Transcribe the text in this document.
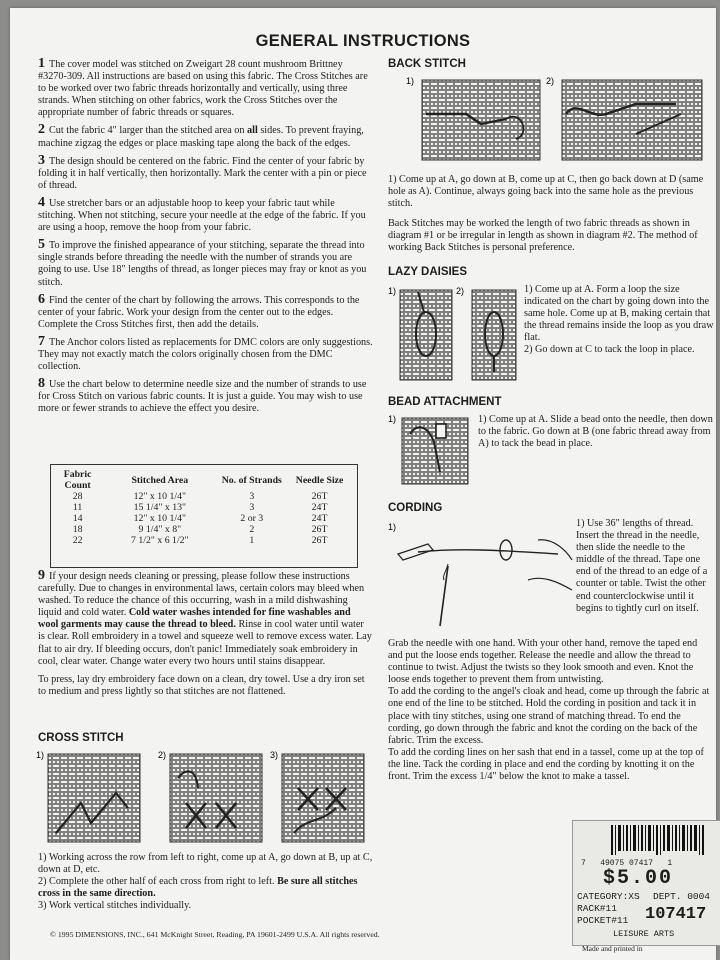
GENERAL INSTRUCTIONS

1 The cover model was stitched on Zweigart 28 count mushroom Brittney #3270-309. All instructions are based on using this fabric. The Cross Stitches are to be worked over two fabric threads horizontally and vertically, using three strands. When stitching on other fabrics, work the Cross Stitches over the appropriate number of fabric threads or squares.

2 Cut the fabric 4" larger than the stitched area on all sides. To prevent fraying, machine zigzag the edges or place masking tape along the back of the edges.

3 The design should be centered on the fabric. Find the center of your fabric by folding it in half vertically, then horizontally. Mark the center with a pin or piece of thread.

4 Use stretcher bars or an adjustable hoop to keep your fabric taut while stitching. When not stitching, secure your needle at the edge of the fabric. If you are using a hoop, remove the hoop from your fabric.

5 To improve the finished appearance of your stitching, separate the thread into single strands before threading the needle with the number of strands you are going to use. Use 18" lengths of thread, as longer pieces may fray or knot as you stitch.

6 Find the center of the chart by following the arrows. This corresponds to the center of your fabric. Work your design from the center out to the edges. Complete the Cross Stitches first, then add the details.

7 The Anchor colors listed as replacements for DMC colors are only suggestions. They may not exactly match the colors originally chosen from the DMC collection.

8 Use the chart below to determine needle size and the number of strands to use for Cross Stitch on various fabric counts. It is just a guide. You may wish to use more or fewer strands to achieve the effect you desire.

Fabric Count	Stitched Area	No. of Strands	Needle Size
28	12" x 10 1/4"	3	26T
11	15 1/4" x 13"	3	24T
14	12" x 10 1/4"	2 or 3	24T
18	9 1/4" x 8"	2	26T
22	7 1/2" x 6 1/2"	1	26T
9 If your design needs cleaning or pressing, please follow these instructions carefully. Due to changes in environmental laws, certain colors may bleed when washed. To reduce the chance of this occurring, wash in a mild dishwashing liquid and cold water. Cold water washes intended for fine washables and wool garments may cause the thread to bleed. Rinse in cool water until water is clear. Roll embroidery in a towel and squeeze well to remove excess water. Lay flat to air dry. If bleeding occurs, don't panic! Immediately soak embroidery in cool, clear water. Change water every two hours until stains disappear.
To press, lay dry embroidery face down on a clean, dry towel. Use a dry iron set to medium and press lightly so that stitches are not flattened.
CROSS STITCH
1)	2)	3)
1) Working across the row from left to right, come up at A, go down at B, up at C, down at D, etc.
2) Complete the other half of each cross from right to left. Be sure all stitches cross in the same direction.
3) Work vertical stitches individually.
BACK STITCH
1)	2)
1) Come up at A, go down at B, come up at C, then go back down at D (same hole as A). Continue, always going back into the same hole as the previous stitch.
Back Stitches may be worked the length of two fabric threads as shown in diagram #1 or be irregular in length as shown in diagram #2. The method of working Back Stitches is personal preference.
LAZY DAISIES
1)	2)	1) Come up at A. Form a loop the size indicated on the chart by going down into the same hole. Come up at B, making certain that the thread remains inside the loop as you draw flat.
2) Go down at C to tack the loop in place.
BEAD ATTACHMENT
1)	1) Come up at A. Slide a bead onto the needle, then down to the fabric. Go down at B (one fabric thread away from A) to tack the bead in place.
CORDING
1)	1) Use 36" lengths of thread. Insert the thread in the needle, then slide the needle to the middle of the thread. Tape one end of the thread to an edge of a counter or table. Twist the other end counterclockwise until it begins to tightly curl on itself.
Grab the needle with one hand. With your other hand, remove the taped end and put the loose ends together. Release the needle and allow the thread to continue to twist. Adjust the twists so they look smooth and even. Knot the loose ends together to prevent them from untwisting.
To add the cording to the angel's cloak and head, come up through the fabric at one end of the line to be stitched. Hold the cording in position and tack it in place with tiny stitches, using one strand of matching thread. To end the cording, go down through the fabric and knot the cording on the back of the fabric. Trim the excess.
To add the cording lines on her sash that end in a tassel, come up at the top of the line. Tack the cording in place and end the cording by knotting it on the front. Trim the excess 1/4" below the knot to make a tassel.
7   49075 07417   1
$5.00
CATEGORY:XS DEPT. 0004
RACK#11
POCKET#11 107417
LEISURE ARTS
Made and printed in
© 1995 DIMENSIONS, INC., 641 McKnight Street, Reading, PA 19601-2499 U.S.A. All rights reserved.
